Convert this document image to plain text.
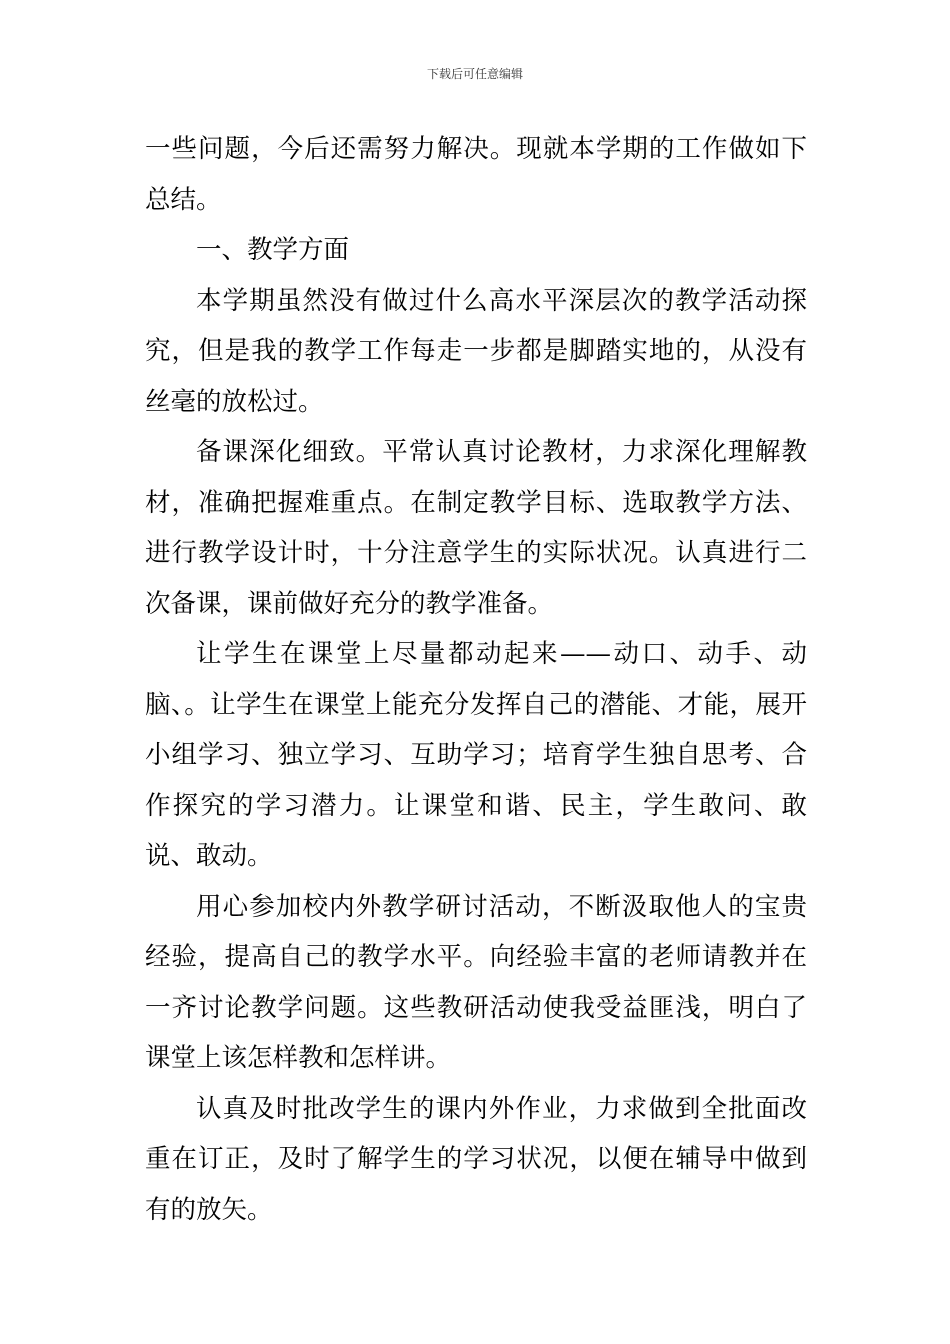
下载后可任意编辑

一些问题，今后还需努力解决。现就本学期的工作做如下总结。

一、教学方面

本学期虽然没有做过什么高水平深层次的教学活动探究，但是我的教学工作每走一步都是脚踏实地的，从没有丝毫的放松过。

备课深化细致。平常认真讨论教材，力求深化理解教材，准确把握难重点。在制定教学目标、选取教学方法、进行教学设计时，十分注意学生的实际状况。认真进行二次备课，课前做好充分的教学准备。

让学生在课堂上尽量都动起来——动口、动手、动脑、。让学生在课堂上能充分发挥自己的潜能、才能，展开小组学习、独立学习、互助学习；培育学生独自思考、合作探究的学习潜力。让课堂和谐、民主，学生敢问、敢说、敢动。

用心参加校内外教学研讨活动，不断汲取他人的宝贵经验，提高自己的教学水平。向经验丰富的老师请教并在一齐讨论教学问题。这些教研活动使我受益匪浅，明白了课堂上该怎样教和怎样讲。

认真及时批改学生的课内外作业，力求做到全批面改重在订正，及时了解学生的学习状况，以便在辅导中做到有的放矢。
